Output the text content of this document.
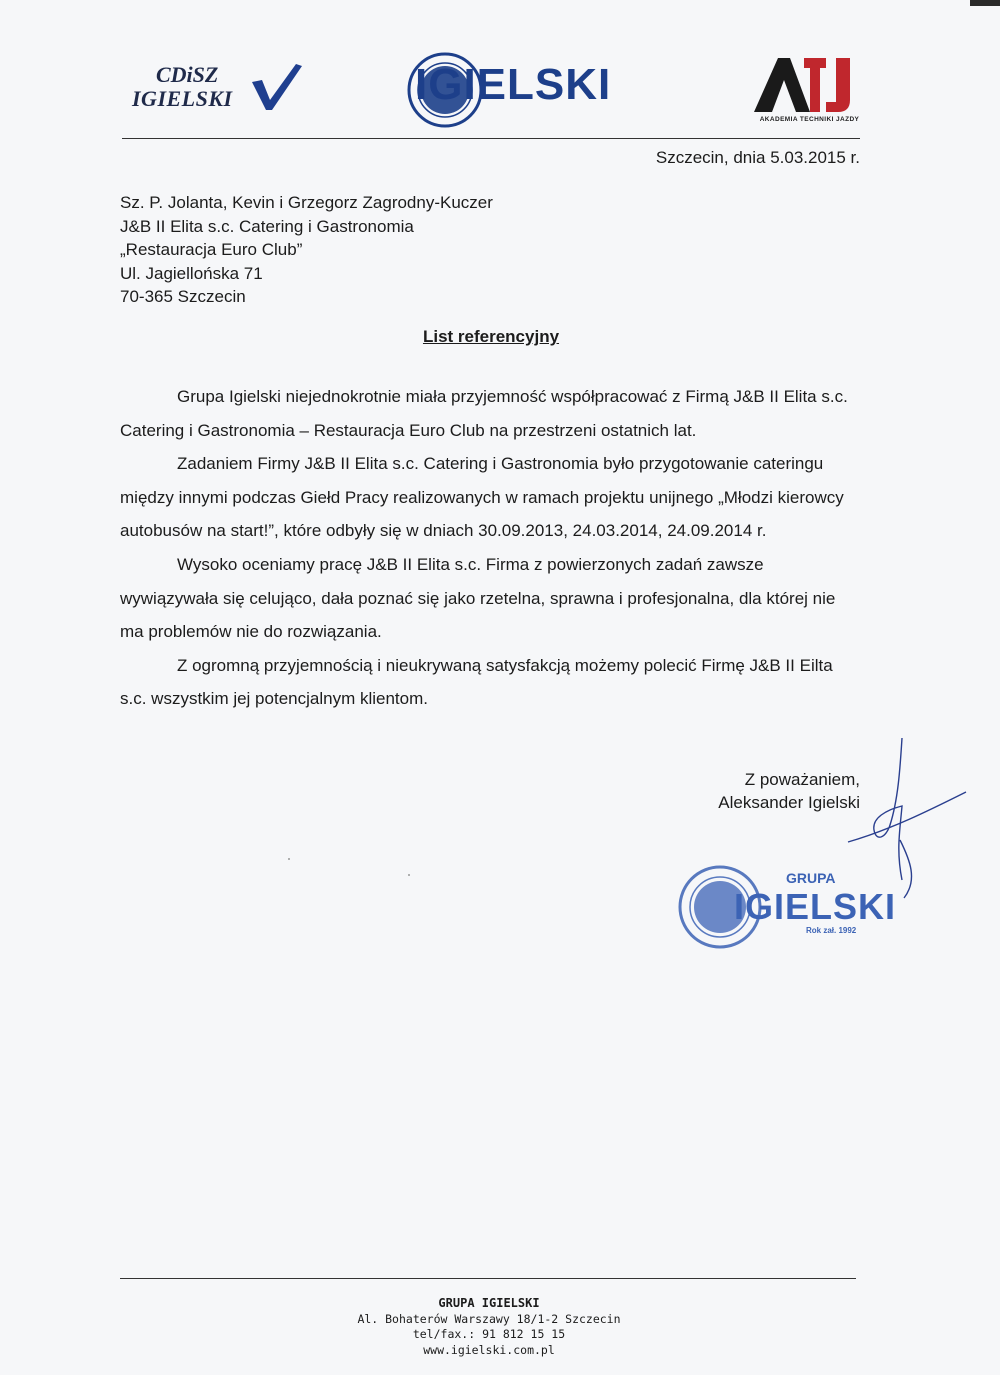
CDiSZ
IGIELSKI	IGIELSKI
AKADEMIA TECHNIKI JAZDY
Szczecin, dnia 5.03.2015 r.
Sz. P. Jolanta, Kevin i Grzegorz Zagrodny-Kuczer
J&B II Elita s.c. Catering i Gastronomia
„Restauracja Euro Club”
Ul. Jagiellońska 71
70-365 Szczecin
List referencyjny

Grupa Igielski niejednokrotnie miała przyjemność współpracować z Firmą J&B II Elita s.c. Catering i Gastronomia – Restauracja Euro Club na przestrzeni ostatnich lat.

Zadaniem Firmy J&B II Elita s.c. Catering i Gastronomia było przygotowanie cateringu między innymi podczas Giełd Pracy realizowanych w ramach projektu unijnego „Młodzi kierowcy autobusów na start!”, które odbyły się w dniach 30.09.2013, 24.03.2014, 24.09.2014 r.

Wysoko oceniamy pracę J&B II Elita s.c. Firma z powierzonych zadań zawsze wywiązywała się celująco, dała poznać się jako rzetelna, sprawna i profesjonalna, dla której nie ma problemów nie do rozwiązania.

Z ogromną przyjemnością i nieukrywaną satysfakcją możemy polecić Firmę J&B II Eilta s.c. wszystkim jej potencjalnym klientom.

Z poważaniem,
Aleksander Igielski
GRUPA
IGIELSKI
Rok zał. 1992
GRUPA IGIELSKI
Al. Bohaterów Warszawy 18/1-2 Szczecin
tel/fax.: 91 812 15 15
www.igielski.com.pl
